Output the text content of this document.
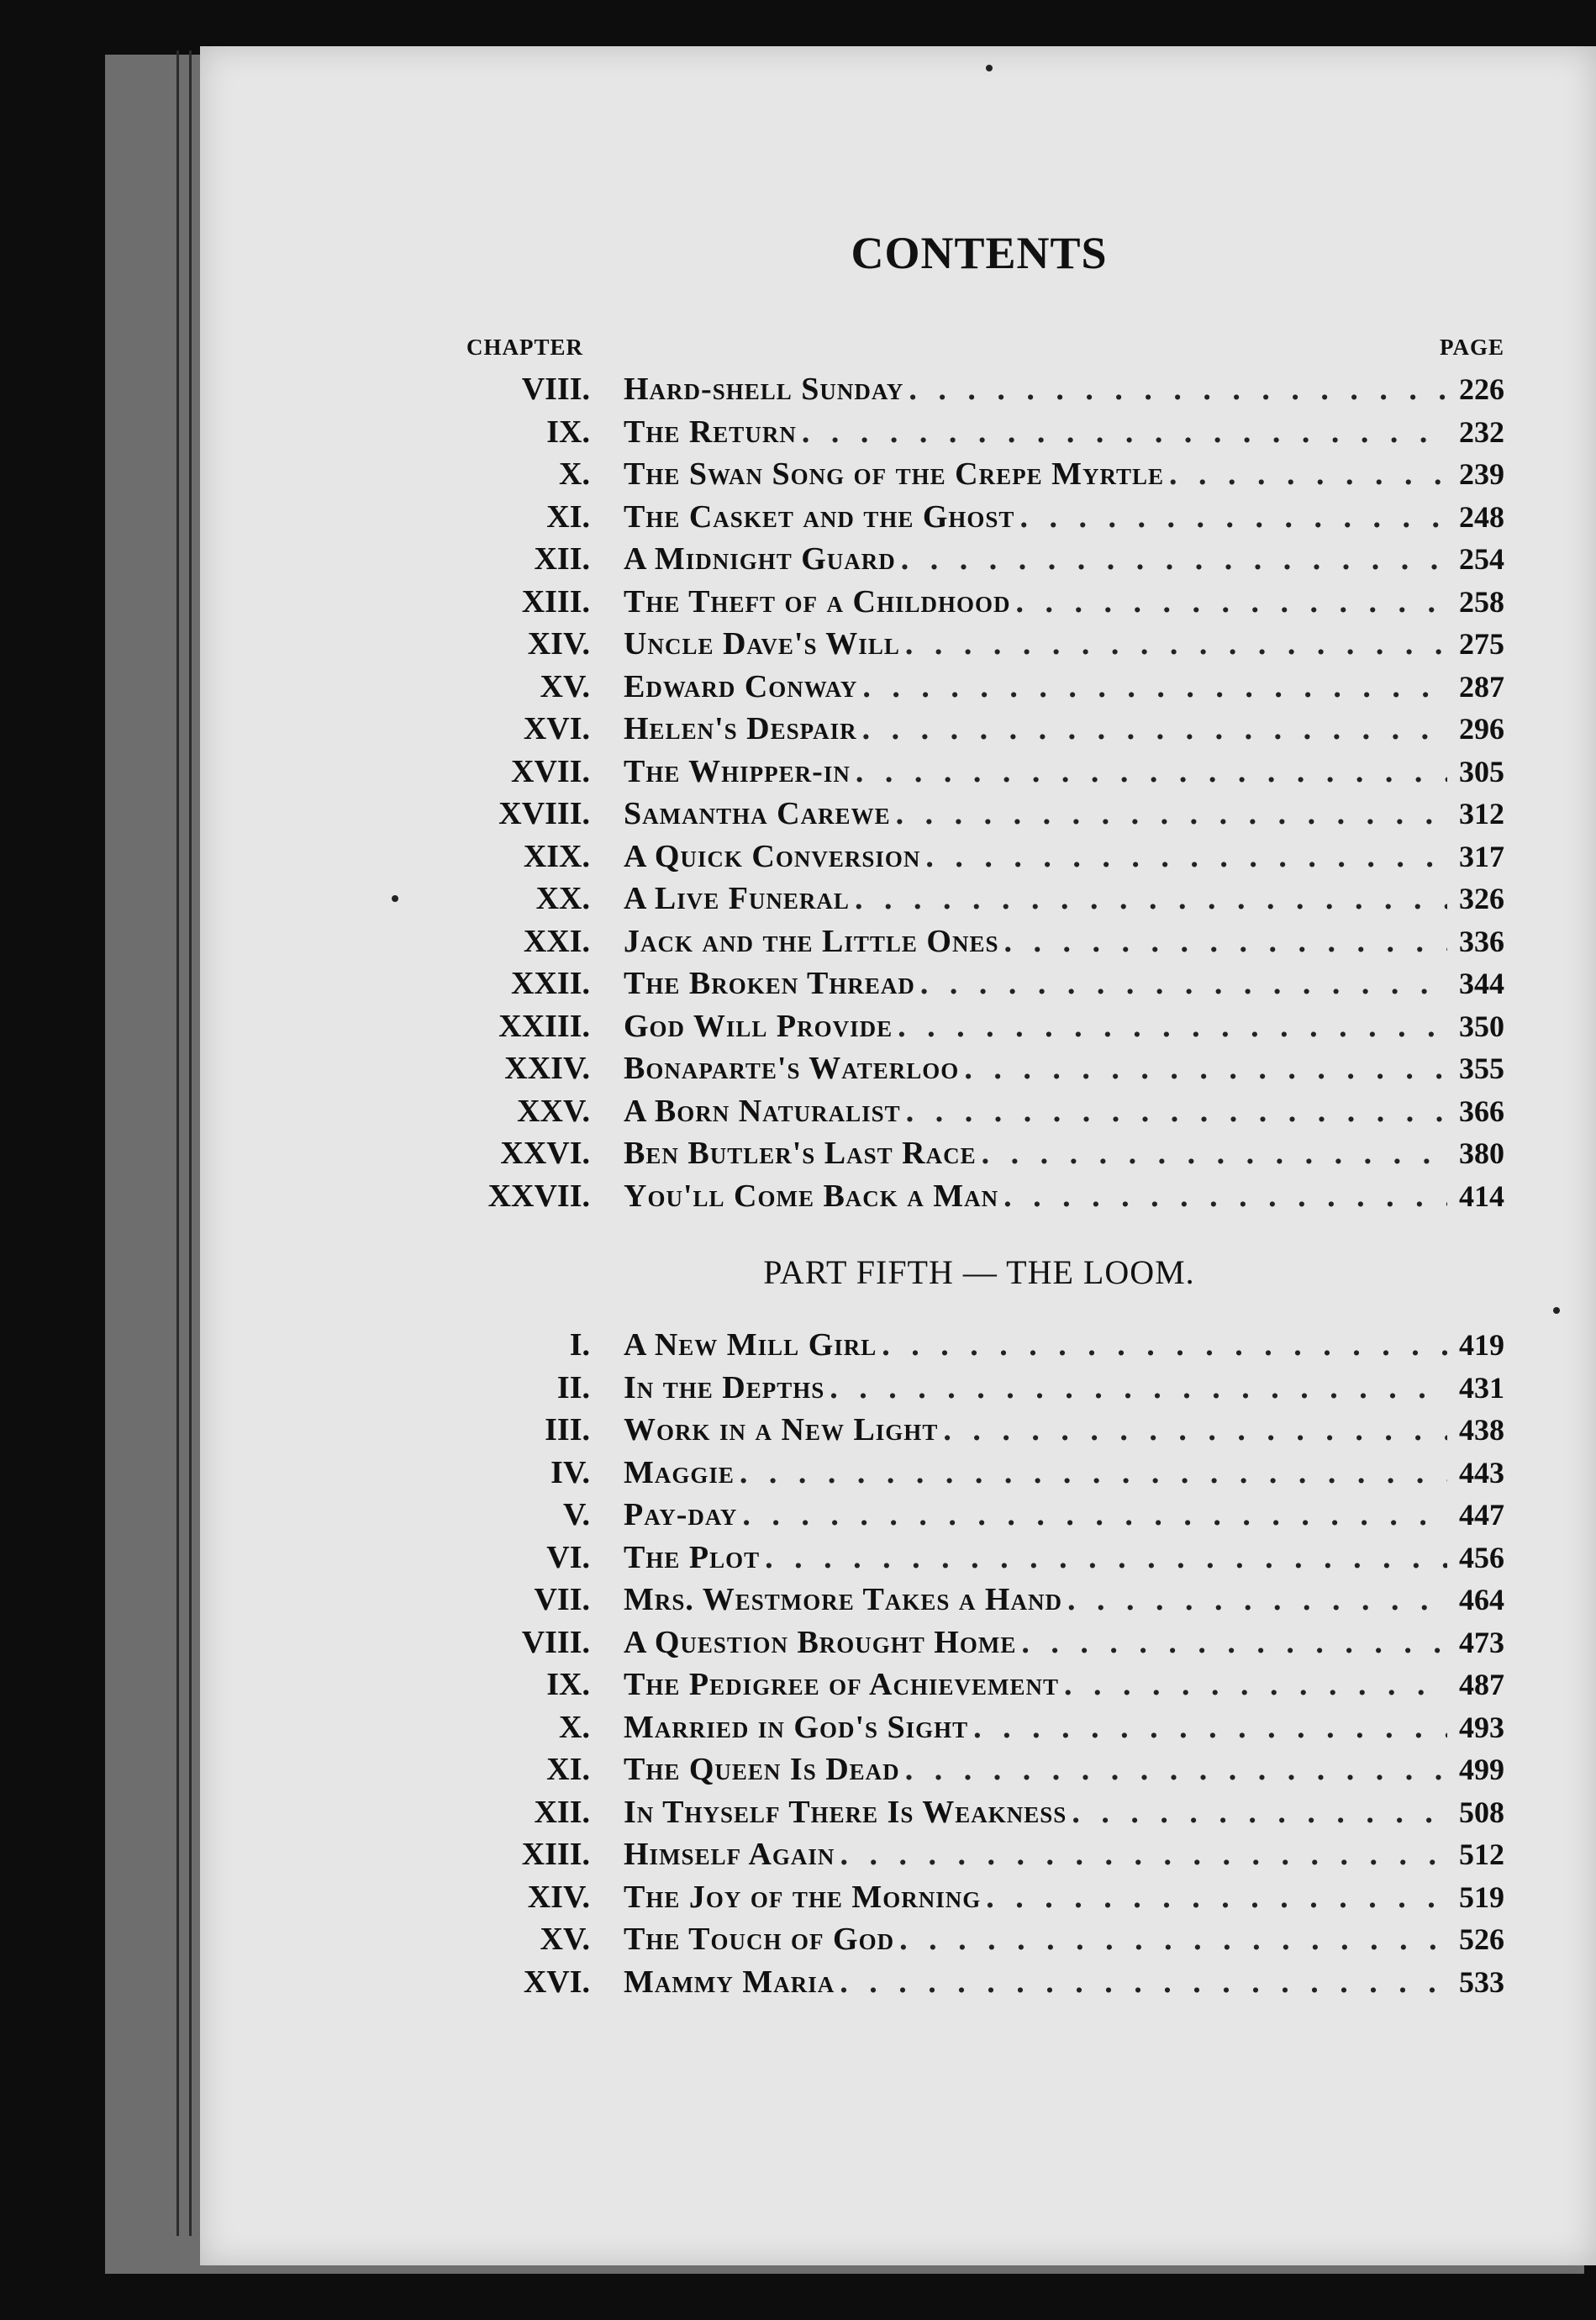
CONTENTS
CHAPTER	PAGE
VIII.	Hard-shell Sunday . . .	226
IX.	The Return . . .	232
X.	The Swan Song of the Crepe Myrtle . . .	239
XI.	The Casket and the Ghost . . .	248
XII.	A Midnight Guard . . .	254
XIII.	The Theft of a Childhood . . .	258
XIV.	Uncle Dave's Will . . .	275
XV.	Edward Conway . . .	287
XVI.	Helen's Despair . . .	296
XVII.	The Whipper-in . . .	305
XVIII.	Samantha Carewe . . .	312
XIX.	A Quick Conversion . . .	317
XX.	A Live Funeral . . .	326
XXI.	Jack and the Little Ones . . .	336
XXII.	The Broken Thread . . .	344
XXIII.	God Will Provide . . .	350
XXIV.	Bonaparte's Waterloo . . .	355
XXV.	A Born Naturalist . . .	366
XXVI.	Ben Butler's Last Race . . .	380
XXVII.	You'll Come Back a Man . . .	414
PART FIFTH — THE LOOM.
I.	A New Mill Girl . . .	419
II.	In the Depths . . .	431
III.	Work in a New Light . . .	438
IV.	Maggie . . .	443
V.	Pay-day . . .	447
VI.	The Plot . . .	456
VII.	Mrs. Westmore Takes a Hand . . .	464
VIII.	A Question Brought Home . . .	473
IX.	The Pedigree of Achievement . . .	487
X.	Married in God's Sight . . .	493
XI.	The Queen Is Dead . . .	499
XII.	In Thyself There Is Weakness . . .	508
XIII.	Himself Again . . .	512
XIV.	The Joy of the Morning . . .	519
XV.	The Touch of God . . .	526
XVI.	Mammy Maria . . .	533
